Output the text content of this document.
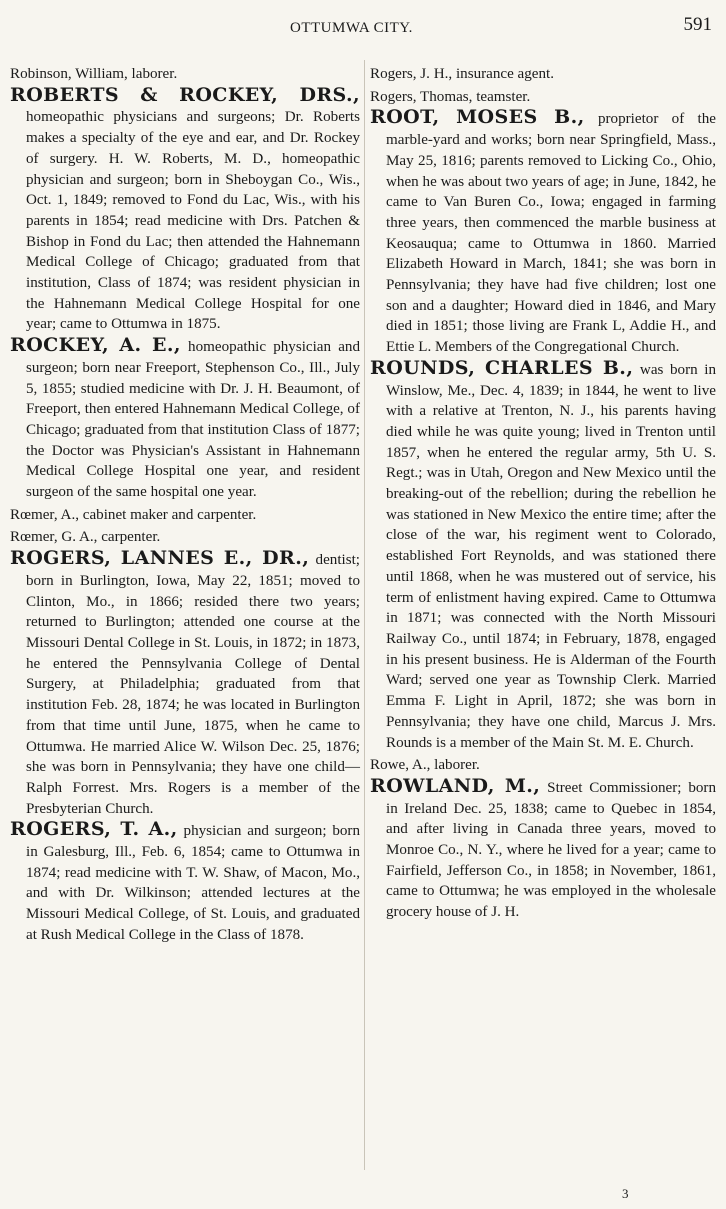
OTTUMWA CITY.	591

Robinson, William, laborer.

ROBERTS & ROCKEY, DRS., homeopathic physicians and surgeons; Dr. Roberts makes a specialty of the eye and ear, and Dr. Rockey of surgery. H. W. Roberts, M. D., homeopathic physician and surgeon; born in Sheboygan Co., Wis., Oct. 1, 1849; removed to Fond du Lac, Wis., with his parents in 1854; read medicine with Drs. Patchen & Bishop in Fond du Lac; then attended the Hahnemann Medical College of Chicago; graduated from that institution, Class of 1874; was resident physician in the Hahnemann Medical College Hospital for one year; came to Ottumwa in 1875.

ROCKEY, A. E., homeopathic physician and surgeon; born near Freeport, Stephenson Co., Ill., July 5, 1855; studied medicine with Dr. J. H. Beaumont, of Freeport, then entered Hahnemann Medical College, of Chicago; graduated from that institution Class of 1877; the Doctor was Physician's Assistant in Hahnemann Medical College Hospital one year, and resident surgeon of the same hospital one year.

Rœmer, A., cabinet maker and carpenter.

Rœmer, G. A., carpenter.

ROGERS, LANNES E., DR., dentist; born in Burlington, Iowa, May 22, 1851; moved to Clinton, Mo., in 1866; resided there two years; returned to Burlington; attended one course at the Missouri Dental College in St. Louis, in 1872; in 1873, he entered the Pennsylvania College of Dental Surgery, at Philadelphia; graduated from that institution Feb. 28, 1874; he was located in Burlington from that time until June, 1875, when he came to Ottumwa. He married Alice W. Wilson Dec. 25, 1876; she was born in Pennsylvania; they have one child—Ralph Forrest. Mrs. Rogers is a member of the Presbyterian Church.

ROGERS, T. A., physician and surgeon; born in Galesburg, Ill., Feb. 6, 1854; came to Ottumwa in 1874; read medicine with T. W. Shaw, of Macon, Mo., and with Dr. Wilkinson; attended lectures at the Missouri Medical College, of St. Louis, and graduated at Rush Medical College in the Class of 1878.

Rogers, J. H., insurance agent.

Rogers, Thomas, teamster.

ROOT, MOSES B., proprietor of the marble-yard and works; born near Springfield, Mass., May 25, 1816; parents removed to Licking Co., Ohio, when he was about two years of age; in June, 1842, he came to Van Buren Co., Iowa; engaged in farming three years, then commenced the marble business at Keosauqua; came to Ottumwa in 1860. Married Elizabeth Howard in March, 1841; she was born in Pennsylvania; they have had five children; lost one son and a daughter; Howard died in 1846, and Mary died in 1851; those living are Frank L, Addie H., and Ettie L. Members of the Congregational Church.

ROUNDS, CHARLES B., was born in Winslow, Me., Dec. 4, 1839; in 1844, he went to live with a relative at Trenton, N. J., his parents having died while he was quite young; lived in Trenton until 1857, when he entered the regular army, 5th U. S. Regt.; was in Utah, Oregon and New Mexico until the breaking-out of the rebellion; during the rebellion he was stationed in New Mexico the entire time; after the close of the war, his regiment went to Colorado, established Fort Reynolds, and was stationed there until 1868, when he was mustered out of service, his term of enlistment having expired. Came to Ottumwa in 1871; was connected with the North Missouri Railway Co., until 1874; in February, 1878, engaged in his present business. He is Alderman of the Fourth Ward; served one year as Township Clerk. Married Emma F. Light in April, 1872; she was born in Pennsylvania; they have one child, Marcus J. Mrs. Rounds is a member of the Main St. M. E. Church.

Rowe, A., laborer.

ROWLAND, M., Street Commissioner; born in Ireland Dec. 25, 1838; came to Quebec in 1854, and after living in Canada three years, moved to Monroe Co., N. Y., where he lived for a year; came to Fairfield, Jefferson Co., in 1858; in November, 1861, came to Ottumwa; he was employed in the wholesale grocery house of J. H.

3
